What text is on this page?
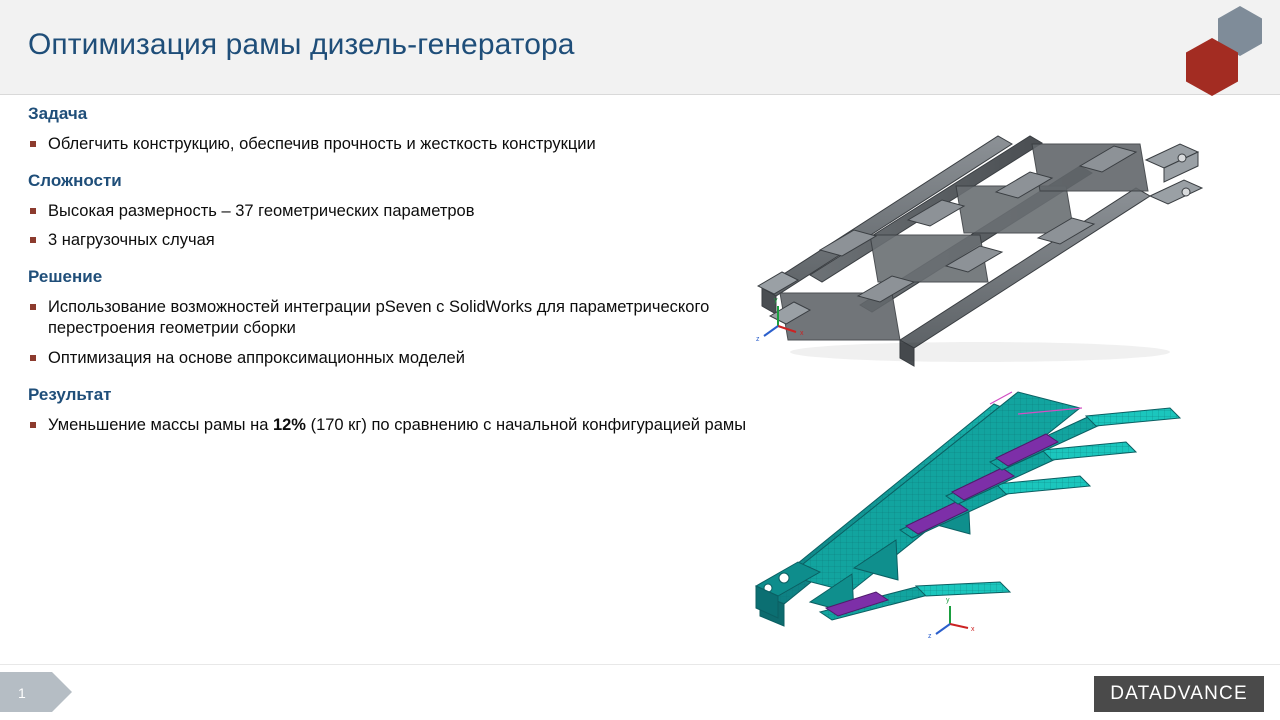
Оптимизация рамы дизель-генератора
Задача
Облегчить конструкцию, обеспечив прочность и жесткость конструкции
Сложности
Высокая размерность – 37 геометрических параметров
3 нагрузочных случая
Решение
Использование возможностей интеграции pSeven с SolidWorks для параметрического перестроения геометрии сборки
Оптимизация на основе аппроксимационных моделей
Результат
Уменьшение массы рамы на 12% (170 кг) по сравнению с начальной конфигурацией рамы
y
x
z
y
x
z
1	DATADVANCE
